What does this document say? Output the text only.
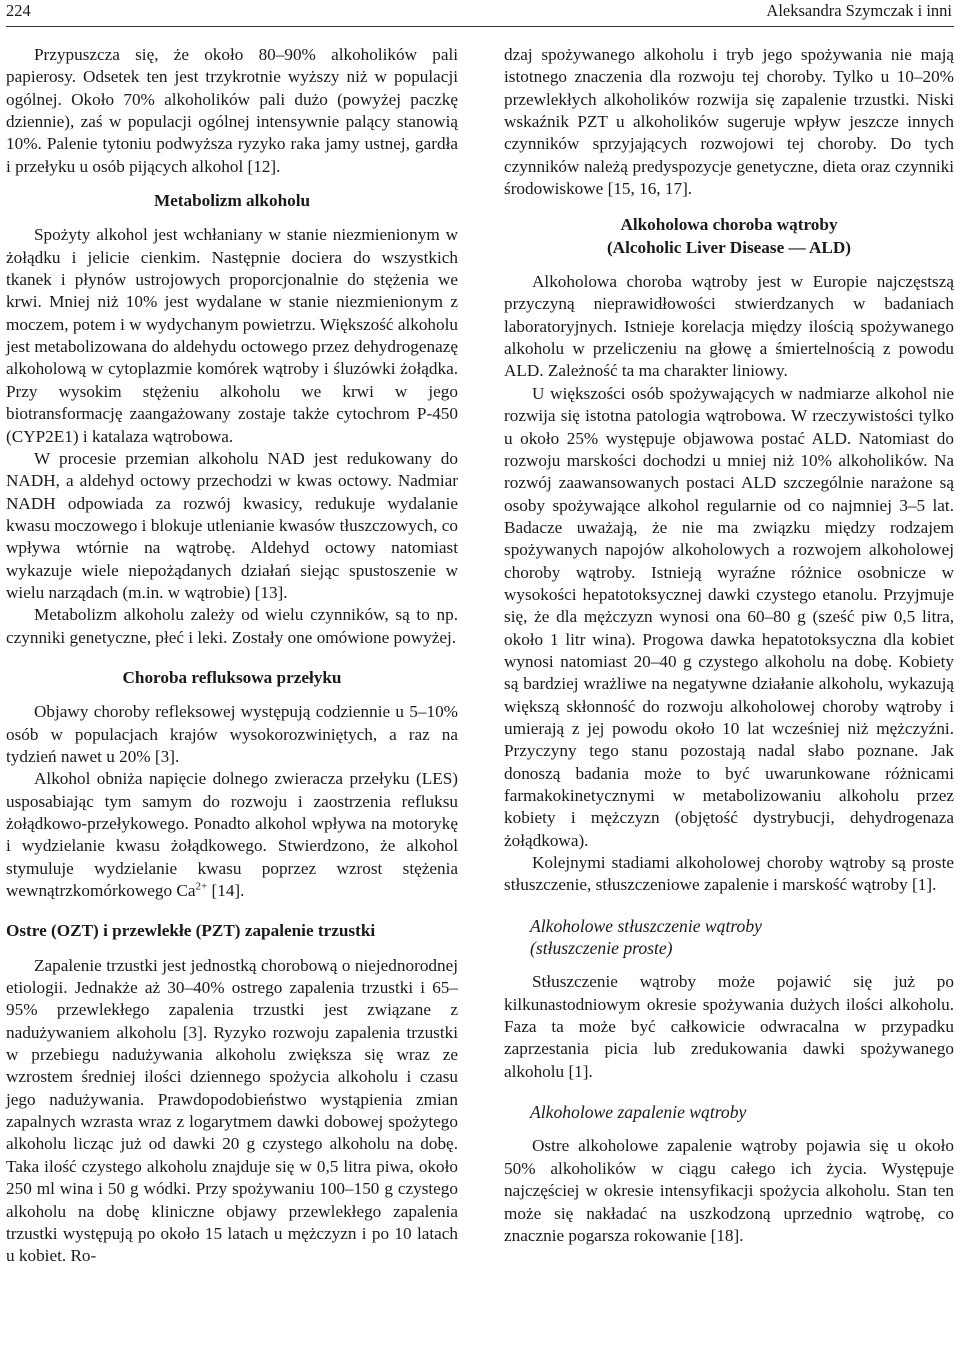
224	Aleksandra Szymczak i inni

Przypuszcza się, że około 80–90% alkoholików pali papierosy. Odsetek ten jest trzykrotnie wyższy niż w populacji ogólnej. Około 70% alkoholików pali dużo (powyżej paczkę dziennie), zaś w populacji ogólnej intensywnie palący stanowią 10%. Palenie tytoniu podwyższa ryzyko raka jamy ustnej, gardła i przełyku u osób pijących alkohol [12].

Metabolizm alkoholu

Spożyty alkohol jest wchłaniany w stanie niezmienionym w żołądku i jelicie cienkim. Następnie dociera do wszystkich tkanek i płynów ustrojowych proporcjonalnie do stężenia we krwi. Mniej niż 10% jest wydalane w stanie niezmienionym z moczem, potem i w wydychanym powietrzu. Większość alkoholu jest metabolizowana do aldehydu octowego przez dehydrogenazę alkoholową w cytoplazmie komórek wątroby i śluzówki żołądka. Przy wysokim stężeniu alkoholu we krwi w jego biotransformację zaangażowany zostaje także cytochrom P-450 (CYP2E1) i katalaza wątrobowa.

W procesie przemian alkoholu NAD jest redukowany do NADH, a aldehyd octowy przechodzi w kwas octowy. Nadmiar NADH odpowiada za rozwój kwasicy, redukuje wydalanie kwasu moczowego i blokuje utlenianie kwasów tłuszczowych, co wpływa wtórnie na wątrobę. Aldehyd octowy natomiast wykazuje wiele niepożądanych działań siejąc spustoszenie w wielu narządach (m.in. w wątrobie) [13].

Metabolizm alkoholu zależy od wielu czynników, są to np. czynniki genetyczne, płeć i leki. Zostały one omówione powyżej.

Choroba refluksowa przełyku

Objawy choroby refleksowej występują codziennie u 5–10% osób w populacjach krajów wysokorozwiniętych, a raz na tydzień nawet u 20% [3].

Alkohol obniża napięcie dolnego zwieracza przełyku (LES) usposabiając tym samym do rozwoju i zaostrzenia refluksu żołądkowo-przełykowego. Ponadto alkohol wpływa na motorykę i wydzielanie kwasu żołądkowego. Stwierdzono, że alkohol stymuluje wydzielanie kwasu poprzez wzrost stężenia wewnątrzkomórkowego $Ca^{2+}$ [14].

Ostre (OZT) i przewlekłe (PZT) zapalenie trzustki

Zapalenie trzustki jest jednostką chorobową o niejednorodnej etiologii. Jednakże aż 30–40% ostrego zapalenia trzustki i 65–95% przewlekłego zapalenia trzustki jest związane z nadużywaniem alkoholu [3]. Ryzyko rozwoju zapalenia trzustki w przebiegu nadużywania alkoholu zwiększa się wraz ze wzrostem średniej ilości dziennego spożycia alkoholu i czasu jego nadużywania. Prawdopodobieństwo wystąpienia zmian zapalnych wzrasta wraz z logarytmem dawki dobowej spożytego alkoholu licząc już od dawki 20 g czystego alkoholu na dobę. Taka ilość czystego alkoholu znajduje się w 0,5 litra piwa, około 250 ml wina i 50 g wódki. Przy spożywaniu 100–150 g czystego alkoholu na dobę kliniczne objawy przewlekłego zapalenia trzustki występują po około 15 latach u mężczyzn i po 10 latach u kobiet. Ro-

dzaj spożywanego alkoholu i tryb jego spożywania nie mają istotnego znaczenia dla rozwoju tej choroby. Tylko u 10–20% przewlekłych alkoholików rozwija się zapalenie trzustki. Niski wskaźnik PZT u alkoholików sugeruje wpływ jeszcze innych czynników sprzyjających rozwojowi tej choroby. Do tych czynników należą predyspozycje genetyczne, dieta oraz czynniki środowiskowe [15, 16, 17].

Alkoholowa choroba wątroby
(Alcoholic Liver Disease — ALD)

Alkoholowa choroba wątroby jest w Europie najczęstszą przyczyną nieprawidłowości stwierdzanych w badaniach laboratoryjnych. Istnieje korelacja między ilością spożywanego alkoholu w przeliczeniu na głowę a śmiertelnością z powodu ALD. Zależność ta ma charakter liniowy.

U większości osób spożywających w nadmiarze alkohol nie rozwija się istotna patologia wątrobowa. W rzeczywistości tylko u około 25% występuje objawowa postać ALD. Natomiast do rozwoju marskości dochodzi u mniej niż 10% alkoholików. Na rozwój zaawansowanych postaci ALD szczególnie narażone są osoby spożywające alkohol regularnie od co najmniej 3–5 lat. Badacze uważają, że nie ma związku między rodzajem spożywanych napojów alkoholowych a rozwojem alkoholowej choroby wątroby. Istnieją wyraźne różnice osobnicze w wysokości hepatotoksycznej dawki czystego etanolu. Przyjmuje się, że dla mężczyzn wynosi ona 60–80 g (sześć piw 0,5 litra, około 1 litr wina). Progowa dawka hepatotoksyczna dla kobiet wynosi natomiast 20–40 g czystego alkoholu na dobę. Kobiety są bardziej wrażliwe na negatywne działanie alkoholu, wykazują większą skłonność do rozwoju alkoholowej choroby wątroby i umierają z jej powodu około 10 lat wcześniej niż mężczyźni. Przyczyny tego stanu pozostają nadal słabo poznane. Jak donoszą badania może to być uwarunkowane różnicami farmakokinetycznymi w metabolizowaniu alkoholu przez kobiety i mężczyzn (objętość dystrybucji, dehydrogenaza żołądkowa).

Kolejnymi stadiami alkoholowej choroby wątroby są proste stłuszczenie, stłuszczeniowe zapalenie i marskość wątroby [1].

Alkoholowe stłuszczenie wątroby
(stłuszczenie proste)

Stłuszczenie wątroby może pojawić się już po kilkunastodniowym okresie spożywania dużych ilości alkoholu. Faza ta może być całkowicie odwracalna w przypadku zaprzestania picia lub zredukowania dawki spożywanego alkoholu [1].

Alkoholowe zapalenie wątroby

Ostre alkoholowe zapalenie wątroby pojawia się u około 50% alkoholików w ciągu całego ich życia. Występuje najczęściej w okresie intensyfikacji spożycia alkoholu. Stan ten może się nakładać na uszkodzoną uprzednio wątrobę, co znacznie pogarsza rokowanie [18].
